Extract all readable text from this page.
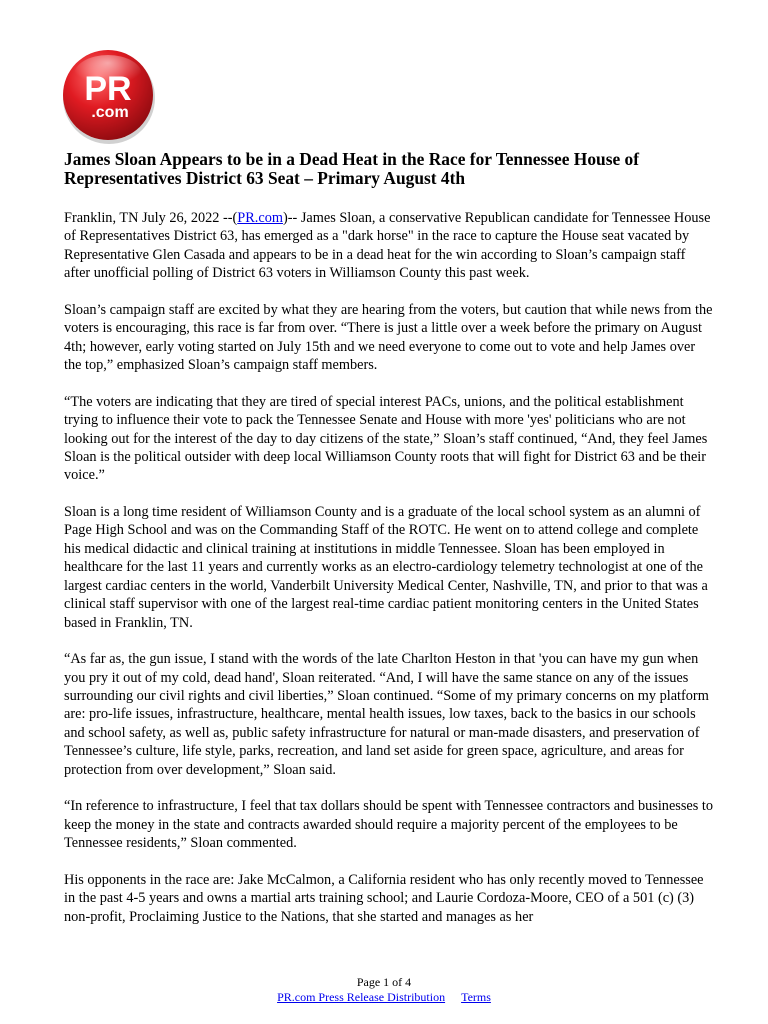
PR
.com
James Sloan Appears to be in a Dead Heat in the Race for Tennessee House of Representatives District 63 Seat – Primary August 4th

Franklin, TN July 26, 2022 --(PR.com)-- James Sloan, a conservative Republican candidate for Tennessee House of Representatives District 63, has emerged as a "dark horse" in the race to capture the House seat vacated by Representative Glen Casada and appears to be in a dead heat for the win according to Sloan’s campaign staff after unofficial polling of District 63 voters in Williamson County this past week.

Sloan’s campaign staff are excited by what they are hearing from the voters, but caution that while news from the voters is encouraging, this race is far from over. “There is just a little over a week before the primary on August 4th; however, early voting started on July 15th and we need everyone to come out to vote and help James over the top,” emphasized Sloan’s campaign staff members.

“The voters are indicating that they are tired of special interest PACs, unions, and the political establishment trying to influence their vote to pack the Tennessee Senate and House with more 'yes' politicians who are not looking out for the interest of the day to day citizens of the state,” Sloan’s staff continued, “And, they feel James Sloan is the political outsider with deep local Williamson County roots that will fight for District 63 and be their voice.”

Sloan is a long time resident of Williamson County and is a graduate of the local school system as an alumni of Page High School and was on the Commanding Staff of the ROTC. He went on to attend college and complete his medical didactic and clinical training at institutions in middle Tennessee. Sloan has been employed in healthcare for the last 11 years and currently works as an electro-cardiology telemetry technologist at one of the largest cardiac centers in the world, Vanderbilt University Medical Center, Nashville, TN, and prior to that was a clinical staff supervisor with one of the largest real-time cardiac patient monitoring centers in the United States based in Franklin, TN.

“As far as, the gun issue, I stand with the words of the late Charlton Heston in that 'you can have my gun when you pry it out of my cold, dead hand', Sloan reiterated. “And, I will have the same stance on any of the issues surrounding our civil rights and civil liberties,” Sloan continued. “Some of my primary concerns on my platform are: pro-life issues, infrastructure, healthcare, mental health issues, low taxes, back to the basics in our schools and school safety, as well as, public safety infrastructure for natural or man-made disasters, and preservation of Tennessee’s culture, life style, parks, recreation, and land set aside for green space, agriculture, and areas for protection from over development,” Sloan said.

“In reference to infrastructure, I feel that tax dollars should be spent with Tennessee contractors and businesses to keep the money in the state and contracts awarded should require a majority percent of the employees to be Tennessee residents,” Sloan commented.

His opponents in the race are: Jake McCalmon, a California resident who has only recently moved to Tennessee in the past 4-5 years and owns a martial arts training school; and Laurie Cordoza-Moore, CEO of a 501 (c) (3) non-profit, Proclaiming Justice to the Nations, that she started and manages as her

Page 1 of 4
PR.com Press Release Distribution Terms
